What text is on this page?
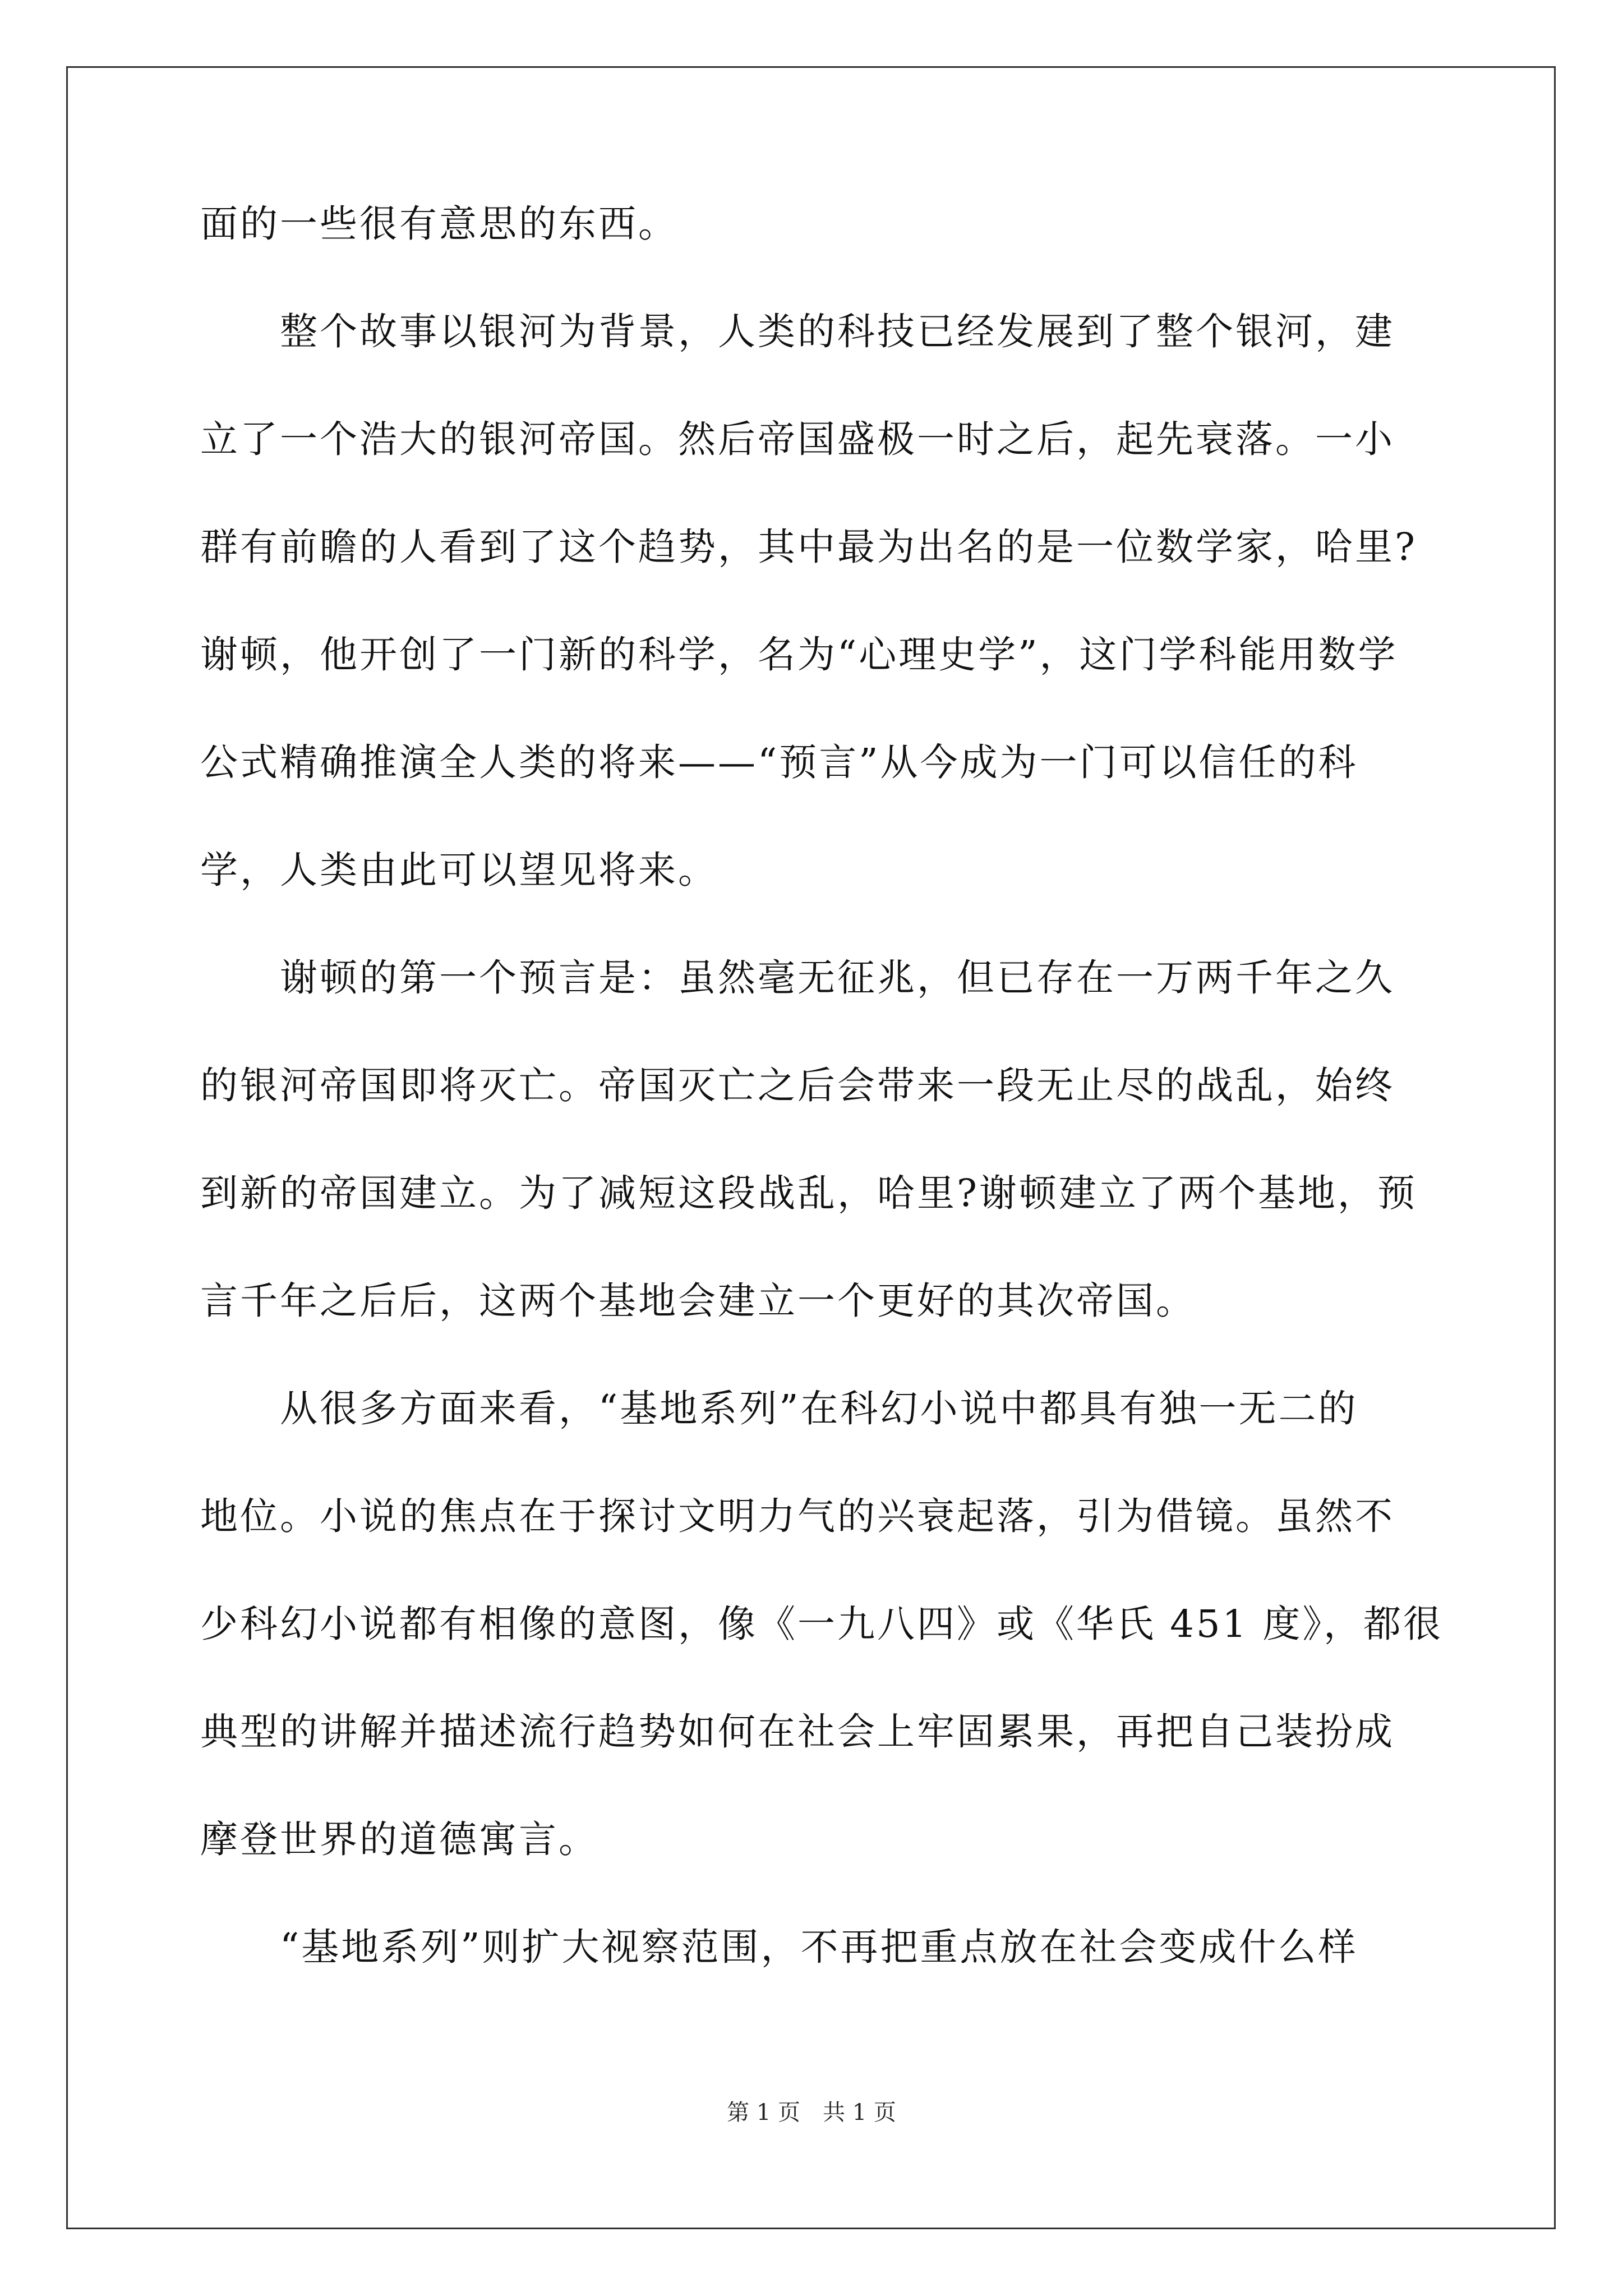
面的一些很有意思的东西。
　　整个故事以银河为背景，人类的科技已经发展到了整个银河，建
立了一个浩大的银河帝国。然后帝国盛极一时之后，起先衰落。一小
群有前瞻的人看到了这个趋势，其中最为出名的是一位数学家，哈里?
谢顿，他开创了一门新的科学，名为“心理史学”，这门学科能用数学
公式精确推演全人类的将来——“预言”从今成为一门可以信任的科
学，人类由此可以望见将来。
　　谢顿的第一个预言是：虽然毫无征兆，但已存在一万两千年之久
的银河帝国即将灭亡。帝国灭亡之后会带来一段无止尽的战乱，始终
到新的帝国建立。为了减短这段战乱，哈里?谢顿建立了两个基地，预
言千年之后后，这两个基地会建立一个更好的其次帝国。
　　从很多方面来看，“基地系列”在科幻小说中都具有独一无二的
地位。小说的焦点在于探讨文明力气的兴衰起落，引为借镜。虽然不
少科幻小说都有相像的意图，像《一九八四》或《华氏 451 度》，都很
典型的讲解并描述流行趋势如何在社会上牢固累果，再把自己装扮成
摩登世界的道德寓言。
　　“基地系列”则扩大视察范围，不再把重点放在社会变成什么样
第 1 页　共 1 页
